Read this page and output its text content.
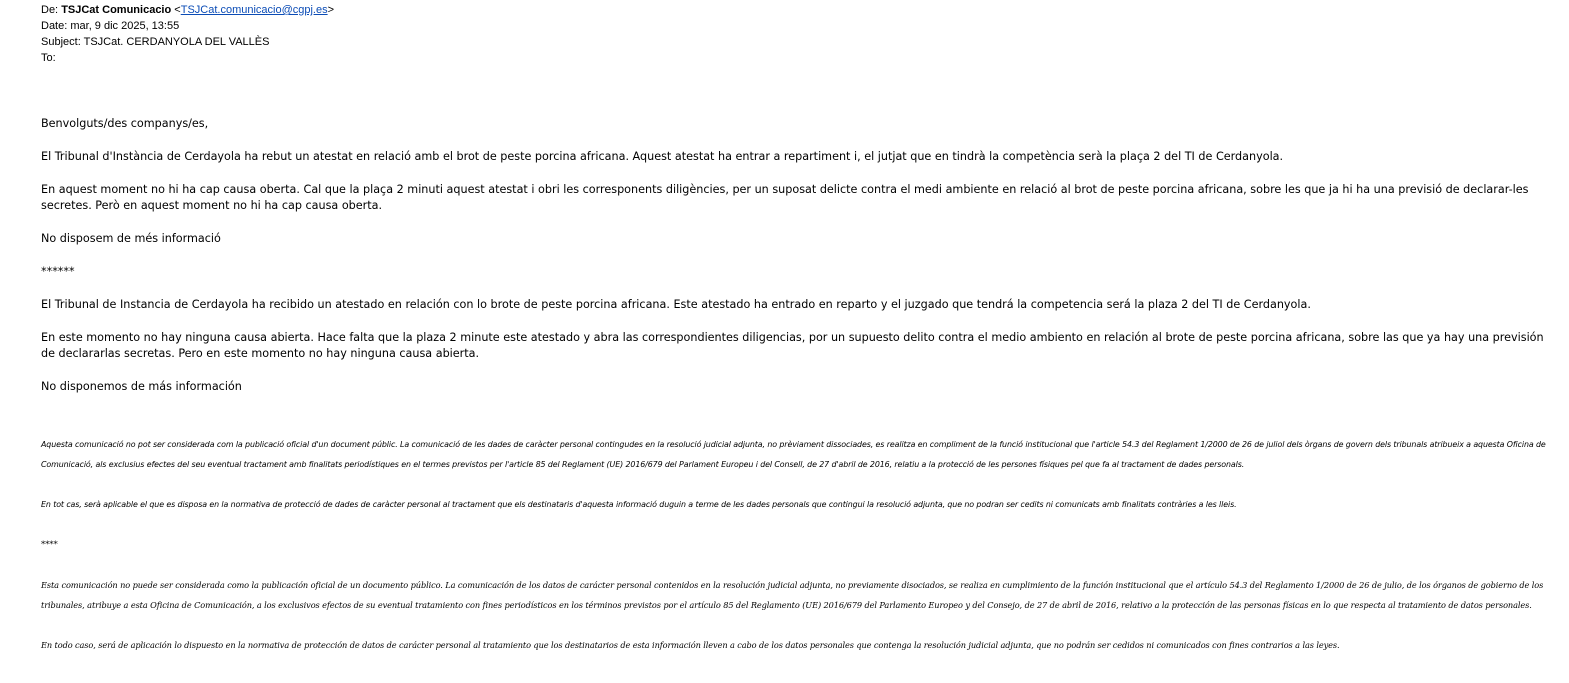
De: TSJCat Comunicacio <TSJCat.comunicacio@cgpj.es>
Date: mar, 9 dic 2025, 13:55
Subject: TSJCat. CERDANYOLA DEL VALLÈS
To:

Benvolguts/des companys/es,

El Tribunal d'Instància de Cerdayola ha rebut un atestat en relació amb el brot de peste porcina africana. Aquest atestat ha entrar a repartiment i, el jutjat que en tindrà la competència serà la plaça 2 del TI de Cerdanyola.

En aquest moment no hi ha cap causa oberta. Cal que la plaça 2 minuti aquest atestat i obri les corresponents diligències, per un suposat delicte contra el medi ambiente en relació al brot de peste porcina africana, sobre les que ja hi ha una previsió de declarar-les secretes. Però en aquest moment no hi ha cap causa oberta.

No disposem de més informació

******

El Tribunal de Instancia de Cerdayola ha recibido un atestado en relación con lo brote de peste porcina africana. Este atestado ha entrado en reparto y el juzgado que tendrá la competencia será la plaza 2 del TI de Cerdanyola.

En este momento no hay ninguna causa abierta. Hace falta que la plaza 2 minute este atestado y abra las correspondientes diligencias, por un supuesto delito contra el medio ambiento en relación al brote de peste porcina africana, sobre las que ya hay una previsión de declararlas secretas. Pero en este momento no hay ninguna causa abierta.

No disponemos de más información

Aquesta comunicació no pot ser considerada com la publicació oficial d'un document públic. La comunicació de les dades de caràcter personal contingudes en la resolució judicial adjunta, no prèviament dissociades, es realitza en compliment de la funció institucional que l'article 54.3 del Reglament 1/2000 de 26 de juliol dels òrgans de govern dels tribunals atribueix a aquesta Oficina de Comunicació, als exclusius efectes del seu eventual tractament amb finalitats periodístiques en el termes previstos per l'article 85 del Reglament (UE) 2016/679 del Parlament Europeu i del Consell, de 27 d'abril de 2016, relatiu a la protecció de les persones físiques pel que fa al tractament de dades personals.

En tot cas, serà aplicable el que es disposa en la normativa de protecció de dades de caràcter personal al tractament que els destinataris d'aquesta informació duguin a terme de les dades personals que contingui la resolució adjunta, que no podran ser cedits ni comunicats amb finalitats contràries a les lleis.

****

Esta comunicación no puede ser considerada como la publicación oficial de un documento público. La comunicación de los datos de carácter personal contenidos en la resolución judicial adjunta, no previamente disociados, se realiza en cumplimiento de la función institucional que el artículo 54.3 del Reglamento 1/2000 de 26 de julio, de los órganos de gobierno de los tribunales, atribuye a esta Oficina de Comunicación, a los exclusivos efectos de su eventual tratamiento con fines periodísticos en los términos previstos por el artículo 85 del Reglamento (UE) 2016/679 del Parlamento Europeo y del Consejo, de 27 de abril de 2016, relativo a la protección de las personas físicas en lo que respecta al tratamiento de datos personales.

En todo caso, será de aplicación lo dispuesto en la normativa de protección de datos de carácter personal al tratamiento que los destinatarios de esta información lleven a cabo de los datos personales que contenga la resolución judicial adjunta, que no podrán ser cedidos ni comunicados con fines contrarios a las leyes.
